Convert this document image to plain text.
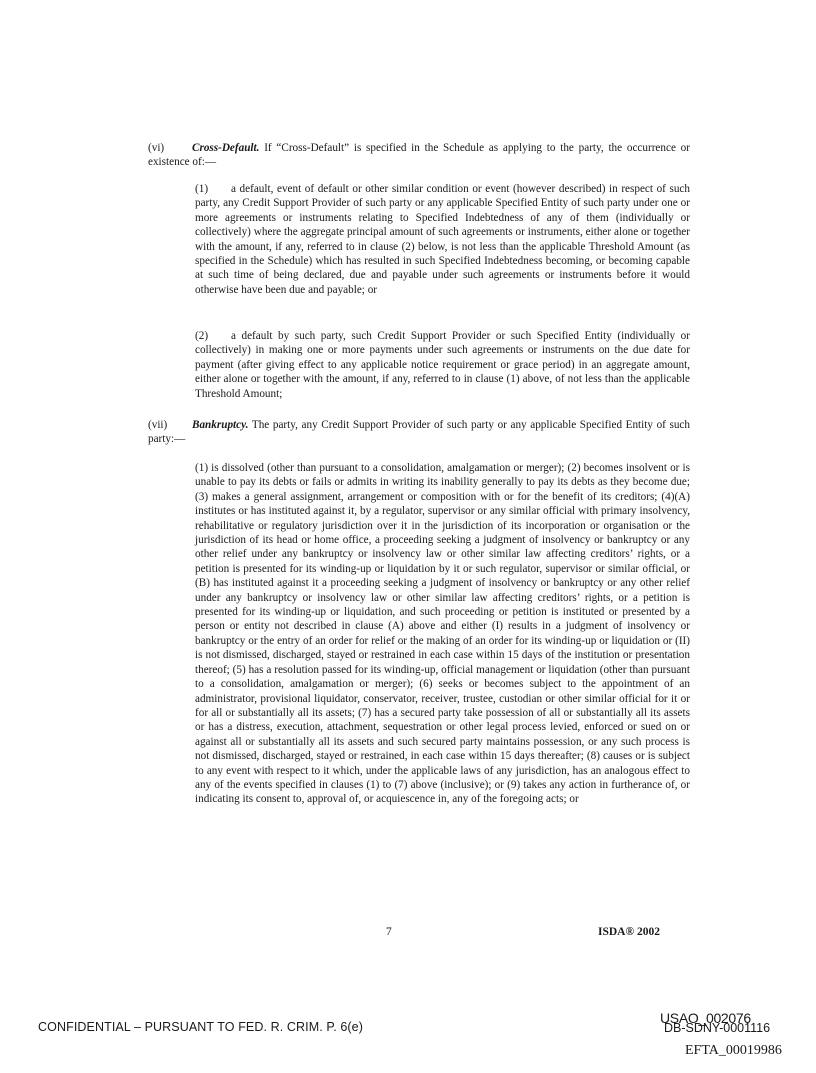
(vi) Cross-Default. If “Cross-Default” is specified in the Schedule as applying to the party, the occurrence or existence of:—

(1) a default, event of default or other similar condition or event (however described) in respect of such party, any Credit Support Provider of such party or any applicable Specified Entity of such party under one or more agreements or instruments relating to Specified Indebtedness of any of them (individually or collectively) where the aggregate principal amount of such agreements or instruments, either alone or together with the amount, if any, referred to in clause (2) below, is not less than the applicable Threshold Amount (as specified in the Schedule) which has resulted in such Specified Indebtedness becoming, or becoming capable at such time of being declared, due and payable under such agreements or instruments before it would otherwise have been due and payable; or

(2) a default by such party, such Credit Support Provider or such Specified Entity (individually or collectively) in making one or more payments under such agreements or instruments on the due date for payment (after giving effect to any applicable notice requirement or grace period) in an aggregate amount, either alone or together with the amount, if any, referred to in clause (1) above, of not less than the applicable Threshold Amount;

(vii) Bankruptcy. The party, any Credit Support Provider of such party or any applicable Specified Entity of such party:—

(1) is dissolved (other than pursuant to a consolidation, amalgamation or merger); (2) becomes insolvent or is unable to pay its debts or fails or admits in writing its inability generally to pay its debts as they become due; (3) makes a general assignment, arrangement or composition with or for the benefit of its creditors; (4)(A) institutes or has instituted against it, by a regulator, supervisor or any similar official with primary insolvency, rehabilitative or regulatory jurisdiction over it in the jurisdiction of its incorporation or organisation or the jurisdiction of its head or home office, a proceeding seeking a judgment of insolvency or bankruptcy or any other relief under any bankruptcy or insolvency law or other similar law affecting creditors’ rights, or a petition is presented for its winding-up or liquidation by it or such regulator, supervisor or similar official, or (B) has instituted against it a proceeding seeking a judgment of insolvency or bankruptcy or any other relief under any bankruptcy or insolvency law or other similar law affecting creditors’ rights, or a petition is presented for its winding-up or liquidation, and such proceeding or petition is instituted or presented by a person or entity not described in clause (A) above and either (I) results in a judgment of insolvency or bankruptcy or the entry of an order for relief or the making of an order for its winding-up or liquidation or (II) is not dismissed, discharged, stayed or restrained in each case within 15 days of the institution or presentation thereof; (5) has a resolution passed for its winding-up, official management or liquidation (other than pursuant to a consolidation, amalgamation or merger); (6) seeks or becomes subject to the appointment of an administrator, provisional liquidator, conservator, receiver, trustee, custodian or other similar official for it or for all or substantially all its assets; (7) has a secured party take possession of all or substantially all its assets or has a distress, execution, attachment, sequestration or other legal process levied, enforced or sued on or against all or substantially all its assets and such secured party maintains possession, or any such process is not dismissed, discharged, stayed or restrained, in each case within 15 days thereafter; (8) causes or is subject to any event with respect to it which, under the applicable laws of any jurisdiction, has an analogous effect to any of the events specified in clauses (1) to (7) above (inclusive); or (9) takes any action in furtherance of, or indicating its consent to, approval of, or acquiescence in, any of the foregoing acts; or

7	ISDA® 2002
CONFIDENTIAL – PURSUANT TO FED. R. CRIM. P. 6(e)
USAO_002076
DB-SDNY-0001116
EFTA_00019986
